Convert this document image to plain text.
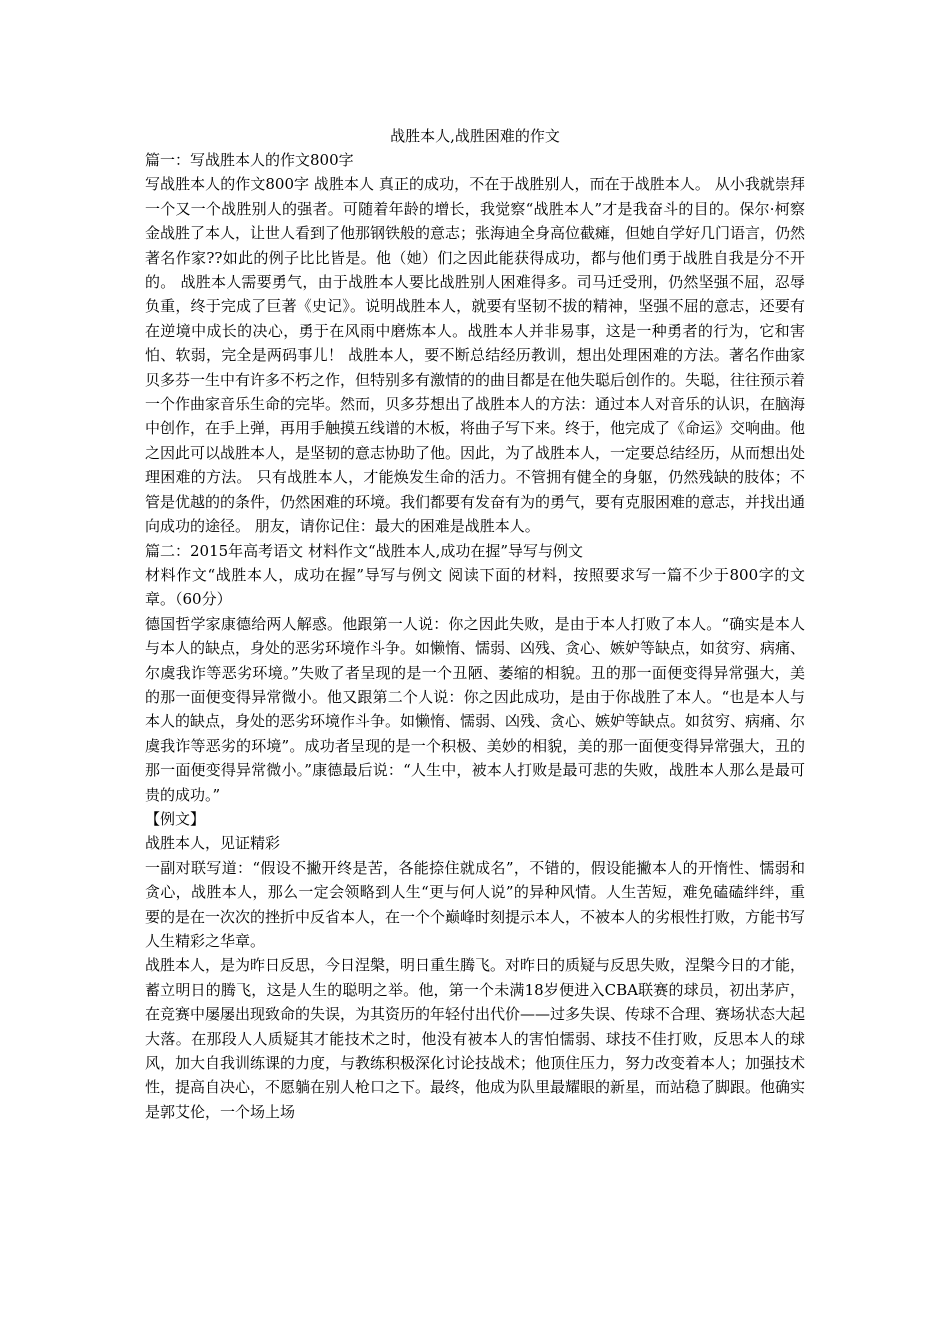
战胜本人,战胜困难的作文

篇一：写战胜本人的作文800字

写战胜本人的作文800字 战胜本人 真正的成功，不在于战胜别人，而在于战胜本人。 从小我就崇拜一个又一个战胜别人的强者。可随着年龄的增长，我觉察“战胜本人”才是我奋斗的目的。保尔·柯察金战胜了本人，让世人看到了他那钢铁般的意志；张海迪全身高位截瘫，但她自学好几门语言，仍然著名作家??如此的例子比比皆是。他（她）们之因此能获得成功，都与他们勇于战胜自我是分不开的。 战胜本人需要勇气，由于战胜本人要比战胜别人困难得多。司马迁受刑，仍然坚强不屈，忍辱负重，终于完成了巨著《史记》。说明战胜本人，就要有坚韧不拔的精神，坚强不屈的意志，还要有在逆境中成长的决心，勇于在风雨中磨炼本人。战胜本人并非易事，这是一种勇者的行为，它和害怕、软弱，完全是两码事儿！ 战胜本人，要不断总结经历教训，想出处理困难的方法。著名作曲家贝多芬一生中有许多不朽之作，但特别多有激情的的曲目都是在他失聪后创作的。失聪，往往预示着一个作曲家音乐生命的完毕。然而，贝多芬想出了战胜本人的方法：通过本人对音乐的认识，在脑海中创作，在手上弹，再用手触摸五线谱的木板，将曲子写下来。终于，他完成了《命运》交响曲。他之因此可以战胜本人，是坚韧的意志协助了他。因此，为了战胜本人，一定要总结经历，从而想出处理困难的方法。 只有战胜本人，才能焕发生命的活力。不管拥有健全的身躯，仍然残缺的肢体；不管是优越的的条件，仍然困难的环境。我们都要有发奋有为的勇气，要有克服困难的意志，并找出通向成功的途径。 朋友，请你记住：最大的困难是战胜本人。

篇二：2015年高考语文 材料作文“战胜本人,成功在握”导写与例文

材料作文“战胜本人，成功在握”导写与例文 阅读下面的材料，按照要求写一篇不少于800字的文章。（60分）

德国哲学家康德给两人解惑。他跟第一人说：你之因此失败，是由于本人打败了本人。“确实是本人与本人的缺点，身处的恶劣环境作斗争。如懒惰、懦弱、凶残、贪心、嫉妒等缺点，如贫穷、病痛、尔虞我诈等恶劣环境。”失败了者呈现的是一个丑陋、萎缩的相貌。丑的那一面便变得异常强大，美的那一面便变得异常微小。他又跟第二个人说：你之因此成功，是由于你战胜了本人。“也是本人与本人的缺点，身处的恶劣环境作斗争。如懒惰、懦弱、凶残、贪心、嫉妒等缺点。如贫穷、病痛、尔虞我诈等恶劣的环境”。成功者呈现的是一个积极、美妙的相貌，美的那一面便变得异常强大，丑的那一面便变得异常微小。”康德最后说：“人生中，被本人打败是最可悲的失败，战胜本人那么是最可贵的成功。”

【例文】

战胜本人，见证精彩

一副对联写道：“假设不撇开终是苦，各能捺住就成名”，不错的，假设能撇本人的开惰性、懦弱和贪心，战胜本人，那么一定会领略到人生“更与何人说”的异种风情。人生苦短，难免磕磕绊绊，重要的是在一次次的挫折中反省本人，在一个个巅峰时刻提示本人，不被本人的劣根性打败，方能书写人生精彩之华章。

战胜本人，是为昨日反思，今日涅槃，明日重生腾飞。对昨日的质疑与反思失败，涅槃今日的才能，蓄立明日的腾飞，这是人生的聪明之举。他，第一个未满18岁便进入CBA联赛的球员，初出茅庐，在竞赛中屡屡出现致命的失误，为其资历的年轻付出代价——过多失误、传球不合理、赛场状态大起大落。在那段人人质疑其才能技术之时，他没有被本人的害怕懦弱、球技不佳打败，反思本人的球风，加大自我训练课的力度，与教练积极深化讨论技战术；他顶住压力，努力改变着本人；加强技术性，提高自决心，不愿躺在别人枪口之下。最终，他成为队里最耀眼的新星，而站稳了脚跟。他确实是郭艾伦，一个场上场
